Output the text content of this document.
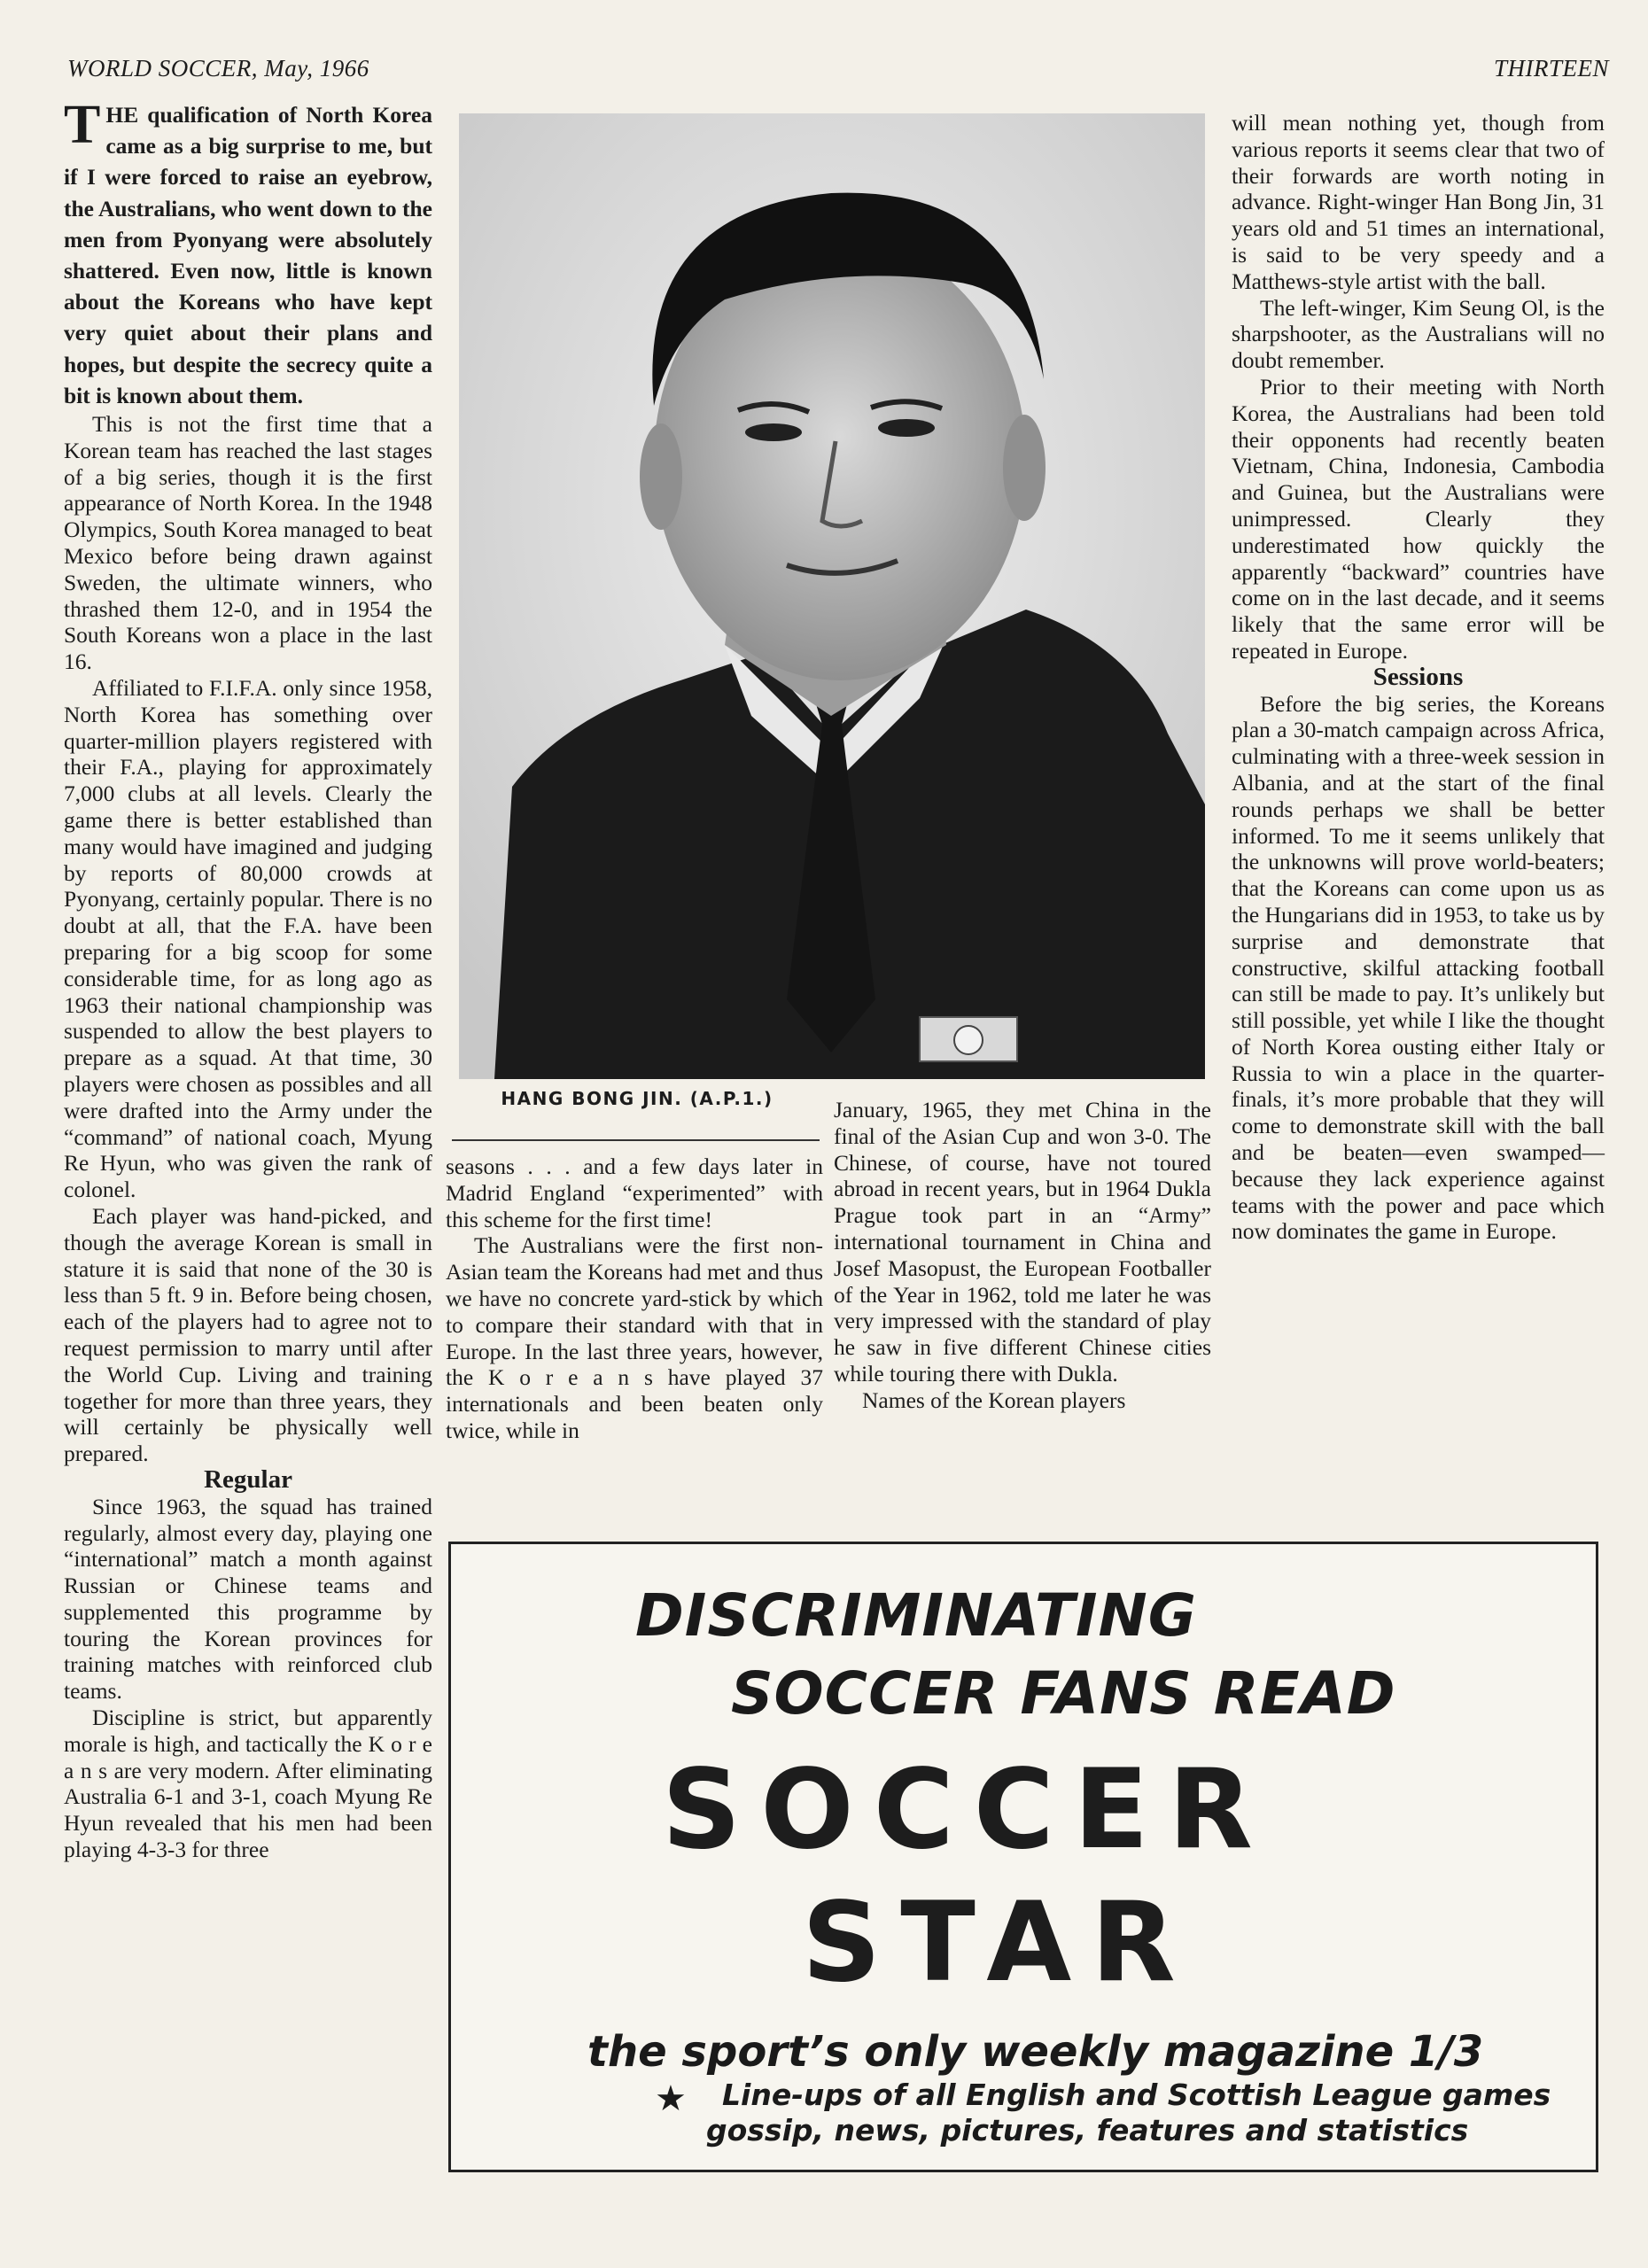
WORLD SOCCER, May, 1966	THIRTEEN

THE qualification of North Korea came as a big surprise to me, but if I were forced to raise an eyebrow, the Australians, who went down to the men from Pyonyang were absolutely shattered. Even now, little is known about the Koreans who have kept very quiet about their plans and hopes, but despite the secrecy quite a bit is known about them.

This is not the first time that a Korean team has reached the last stages of a big series, though it is the first appearance of North Korea. In the 1948 Olympics, South Korea managed to beat Mexico before being drawn against Sweden, the ultimate winners, who thrashed them 12-0, and in 1954 the South Koreans won a place in the last 16.

Affiliated to F.I.F.A. only since 1958, North Korea has something over quarter-million players registered with their F.A., playing for approximately 7,000 clubs at all levels. Clearly the game there is better established than many would have imagined and judging by reports of 80,000 crowds at Pyonyang, certainly popular. There is no doubt at all, that the F.A. have been preparing for a big scoop for some considerable time, for as long ago as 1963 their national championship was suspended to allow the best players to prepare as a squad. At that time, 30 players were chosen as possibles and all were drafted into the Army under the “command” of national coach, Myung Re Hyun, who was given the rank of colonel.

Each player was hand-picked, and though the average Korean is small in stature it is said that none of the 30 is less than 5 ft. 9 in. Before being chosen, each of the players had to agree not to request permission to marry until after the World Cup. Living and training together for more than three years, they will certainly be physically well prepared.

Regular

Since 1963, the squad has trained regularly, almost every day, playing one “international” match a month against Russian or Chinese teams and supplemented this programme by touring the Korean provinces for training matches with reinforced club teams.

Discipline is strict, but apparently morale is high, and tactically the K o r e a n s are very modern. After eliminating Australia 6-1 and 3-1, coach Myung Re Hyun revealed that his men had been playing 4-3-3 for three

HANG BONG JIN. (A.P.1.)

seasons . . . and a few days later in Madrid England “experimented” with this scheme for the first time!

The Australians were the first non-Asian team the Koreans had met and thus we have no concrete yard-stick by which to compare their standard with that in Europe. In the last three years, however, the K o r e a n s have played 37 internationals and been beaten only twice, while in

January, 1965, they met China in the final of the Asian Cup and won 3-0. The Chinese, of course, have not toured abroad in recent years, but in 1964 Dukla Prague took part in an “Army” international tournament in China and Josef Masopust, the European Footballer of the Year in 1962, told me later he was very impressed with the standard of play he saw in five different Chinese cities while touring there with Dukla.

Names of the Korean players

will mean nothing yet, though from various reports it seems clear that two of their forwards are worth noting in advance. Right-winger Han Bong Jin, 31 years old and 51 times an international, is said to be very speedy and a Matthews-style artist with the ball.

The left-winger, Kim Seung Ol, is the sharpshooter, as the Australians will no doubt remember.

Prior to their meeting with North Korea, the Australians had been told their opponents had recently beaten Vietnam, China, Indonesia, Cambodia and Guinea, but the Australians were unimpressed. Clearly they underestimated how quickly the apparently “backward” countries have come on in the last decade, and it seems likely that the same error will be repeated in Europe.

Sessions

Before the big series, the Koreans plan a 30-match campaign across Africa, culminating with a three-week session in Albania, and at the start of the final rounds perhaps we shall be better informed. To me it seems unlikely that the unknowns will prove world-beaters; that the Koreans can come upon us as the Hungarians did in 1953, to take us by surprise and demonstrate that constructive, skilful attacking football can still be made to pay. It’s unlikely but still possible, yet while I like the thought of North Korea ousting either Italy or Russia to win a place in the quarter-finals, it’s more probable that they will come to demonstrate skill with the ball and be beaten—even swamped—because they lack experience against teams with the power and pace which now dominates the game in Europe.

DISCRIMINATING
SOCCER FANS READ
SOCCER
STAR
the sport’s only weekly magazine 1/3
★ Line-ups of all English and Scottish League games
gossip, news, pictures, features and statistics
